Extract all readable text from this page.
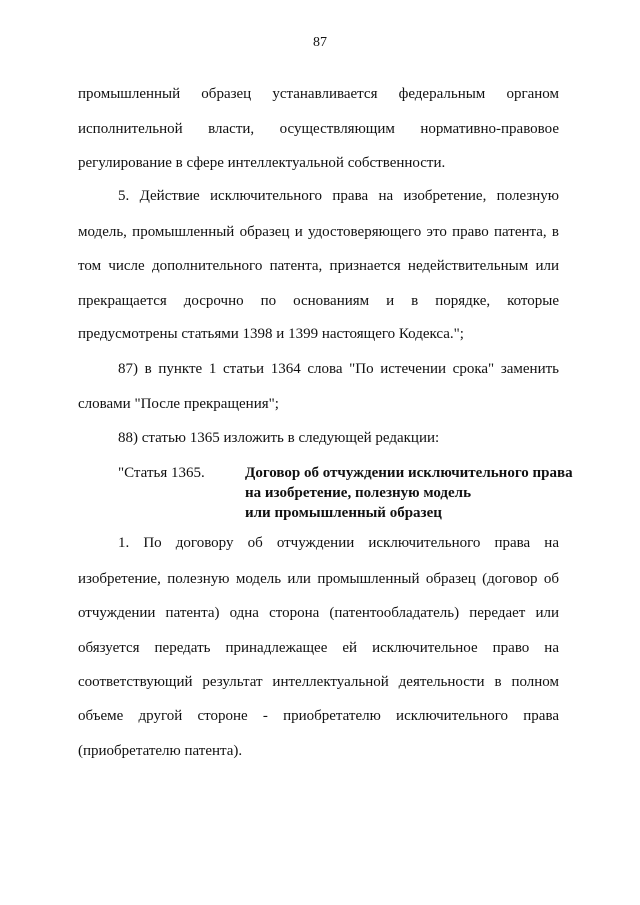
87
промышленный образец устанавливается федеральным органом
исполнительной власти, осуществляющим нормативно-правовое
регулирование в сфере интеллектуальной собственности.
5. Действие исключительного права на изобретение, полезную
модель, промышленный образец и удостоверяющего это право патента, в
том числе дополнительного патента, признается недействительным или
прекращается досрочно по основаниям и в порядке, которые
предусмотрены статьями 1398 и 1399 настоящего Кодекса.";
87) в пункте 1 статьи 1364 слова "По истечении срока" заменить
словами "После прекращения";
88) статью 1365 изложить в следующей редакции:
"Статья 1365.	Договор об отчуждении исключительного права
на изобретение, полезную модель
или промышленный образец
1. По договору об отчуждении исключительного права на
изобретение, полезную модель или промышленный образец (договор об
отчуждении патента) одна сторона (патентообладатель) передает или
обязуется передать принадлежащее ей исключительное право на
соответствующий результат интеллектуальной деятельности в полном
объеме другой стороне - приобретателю исключительного права
(приобретателю патента).
